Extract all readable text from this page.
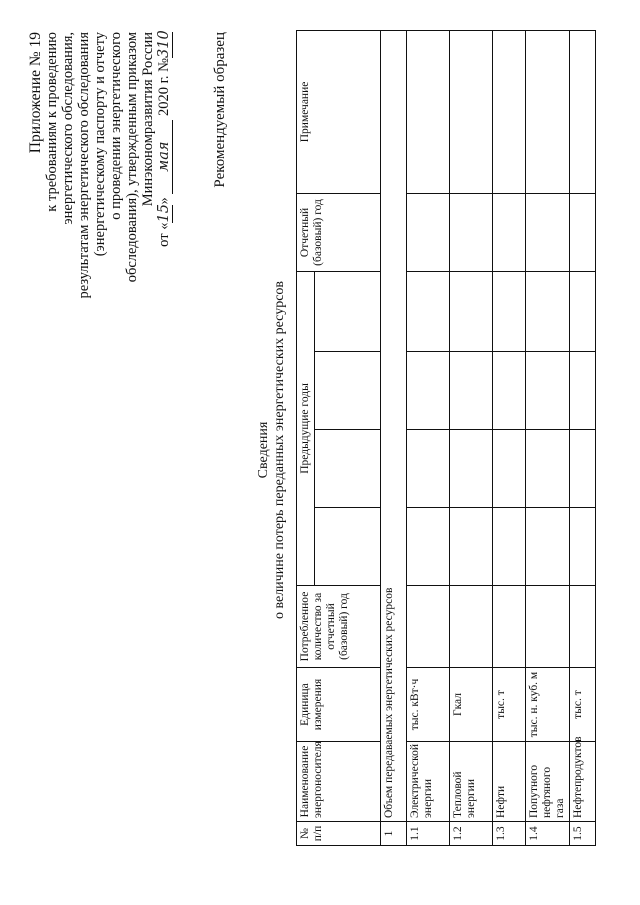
Приложение № 19 к требованиям к проведению энергетического обследования, результатам энергетического обследования (энергетическому паспорту и отчету о проведении энергетического обследования), утвержденным приказом Минэкономразвития России
от «15» мая 2020 г. №310	Рекомендуемый образец
Сведения о величине потерь переданных энергетических ресурсов
№ п/п	Наименование энергоносителя	Единица измерения	Потребленное количество за отчетный (базовый) год	Предыдущие годы				Отчетный (базовый) год	Примечание

1	Объем передаваемых энергетических ресурсов								
1.1	Электрической энергии	тыс. кВт·ч							
1.2	Тепловой энергии	Гкал							
1.3	Нефти	тыс. т							
1.4	Попутного нефтяного газа	тыс. н. куб. м							
1.5	Нефтепродуктов	тыс. т							
